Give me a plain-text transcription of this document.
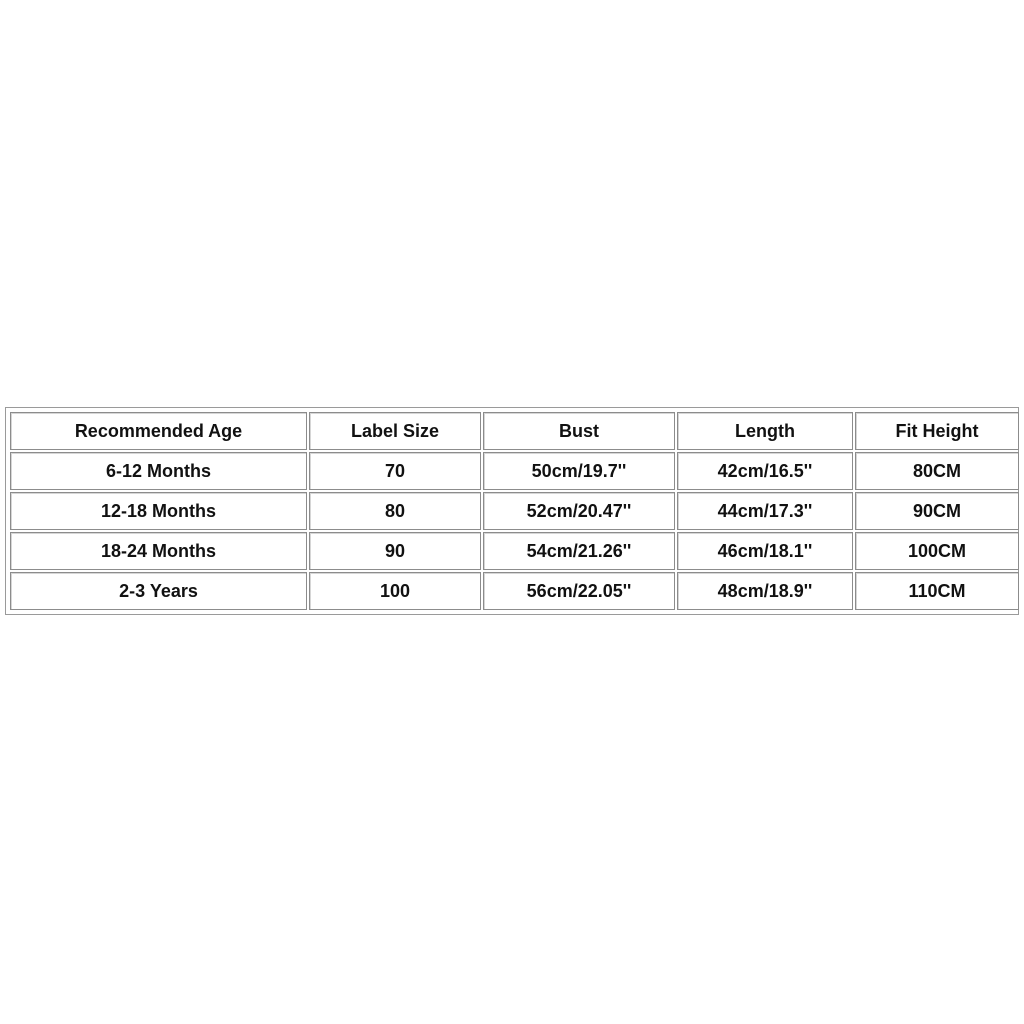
Recommended Age	Label Size	Bust	Length	Fit Height
6-12 Months	70	50cm/19.7''	42cm/16.5''	80CM
12-18 Months	80	52cm/20.47''	44cm/17.3''	90CM
18-24 Months	90	54cm/21.26''	46cm/18.1''	100CM
2-3 Years	100	56cm/22.05''	48cm/18.9''	110CM
